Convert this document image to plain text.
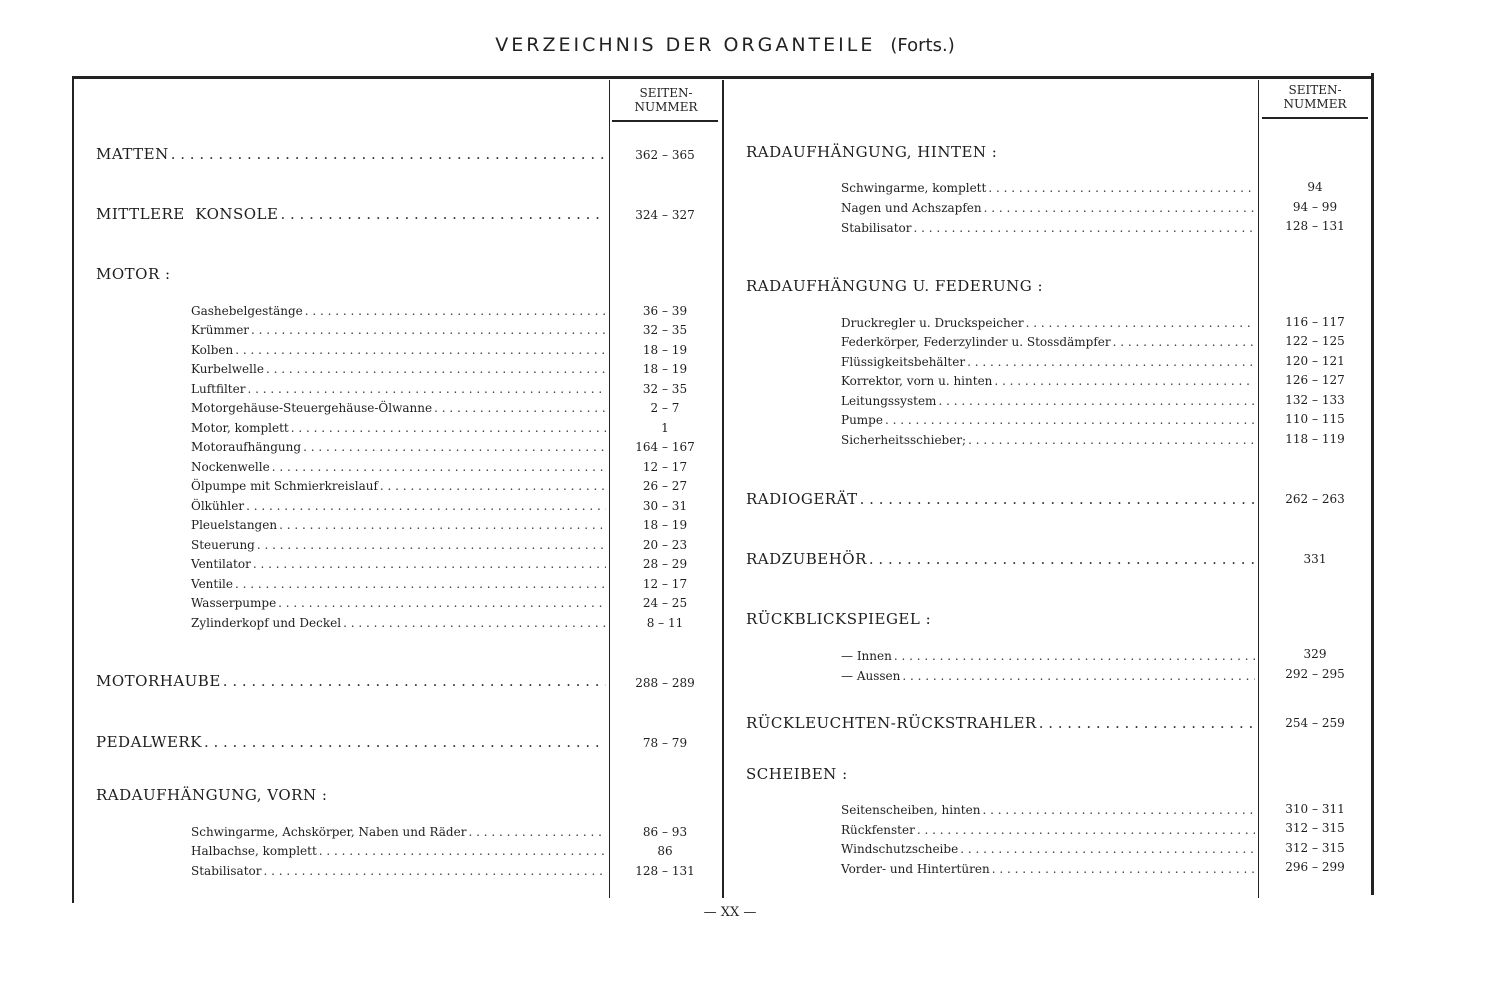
VERZEICHNIS DER ORGANTEILE (Forts.)
SEITEN-
NUMMER
SEITEN-
NUMMER
MATTEN . . .	362 – 365
MITTLERE  KONSOLE . . .	324 – 327
MOTOR :
Gashebelgestänge . . .	36 – 39
Krümmer . . .	32 – 35
Kolben . . .	18 – 19
Kurbelwelle . . .	18 – 19
Luftfilter . . .	32 – 35
Motorgehäuse-Steuergehäuse-Ölwanne . . .	2 – 7
Motor, komplett . . .	1
Motoraufhängung . . .	164 – 167
Nockenwelle . . .	12 – 17
Ölpumpe mit Schmierkreislauf . . .	26 – 27
Ölkühler . . .	30 – 31
Pleuelstangen . . .	18 – 19
Steuerung . . .	20 – 23
Ventilator . . .	28 – 29
Ventile . . .	12 – 17
Wasserpumpe . . .	24 – 25
Zylinderkopf und Deckel . . .	8 – 11
MOTORHAUBE . . .	288 – 289
PEDALWERK . . .	78 – 79
RADAUFHÄNGUNG, VORN :
Schwingarme, Achskörper, Naben und Räder . . .	86 – 93
Halbachse, komplett . . .	86
Stabilisator . . .	128 – 131
RADAUFHÄNGUNG, HINTEN :
Schwingarme, komplett . . .	94
Nagen und Achszapfen . . .	94 – 99
Stabilisator . . .	128 – 131
RADAUFHÄNGUNG U. FEDERUNG :
Druckregler u. Druckspeicher . . .	116 – 117
Federkörper, Federzylinder u. Stossdämpfer . . .	122 – 125
Flüssigkeitsbehälter . . .	120 – 121
Korrektor, vorn u. hinten . . .	126 – 127
Leitungssystem . . .	132 – 133
Pumpe . . .	110 – 115
Sicherheitsschieber; . . .	118 – 119
RADIOGERÄT . . .	262 – 263
RADZUBEHÖR . . .	331
RÜCKBLICKSPIEGEL :
— Innen . . .	329
— Aussen . . .	292 – 295
RÜCKLEUCHTEN-RÜCKSTRAHLER . . .	254 – 259
SCHEIBEN :
Seitenscheiben, hinten . . .	310 – 311
Rückfenster . . .	312 – 315
Windschutzscheibe . . .	312 – 315
Vorder- und Hintertüren . . .	296 – 299
— XX —
